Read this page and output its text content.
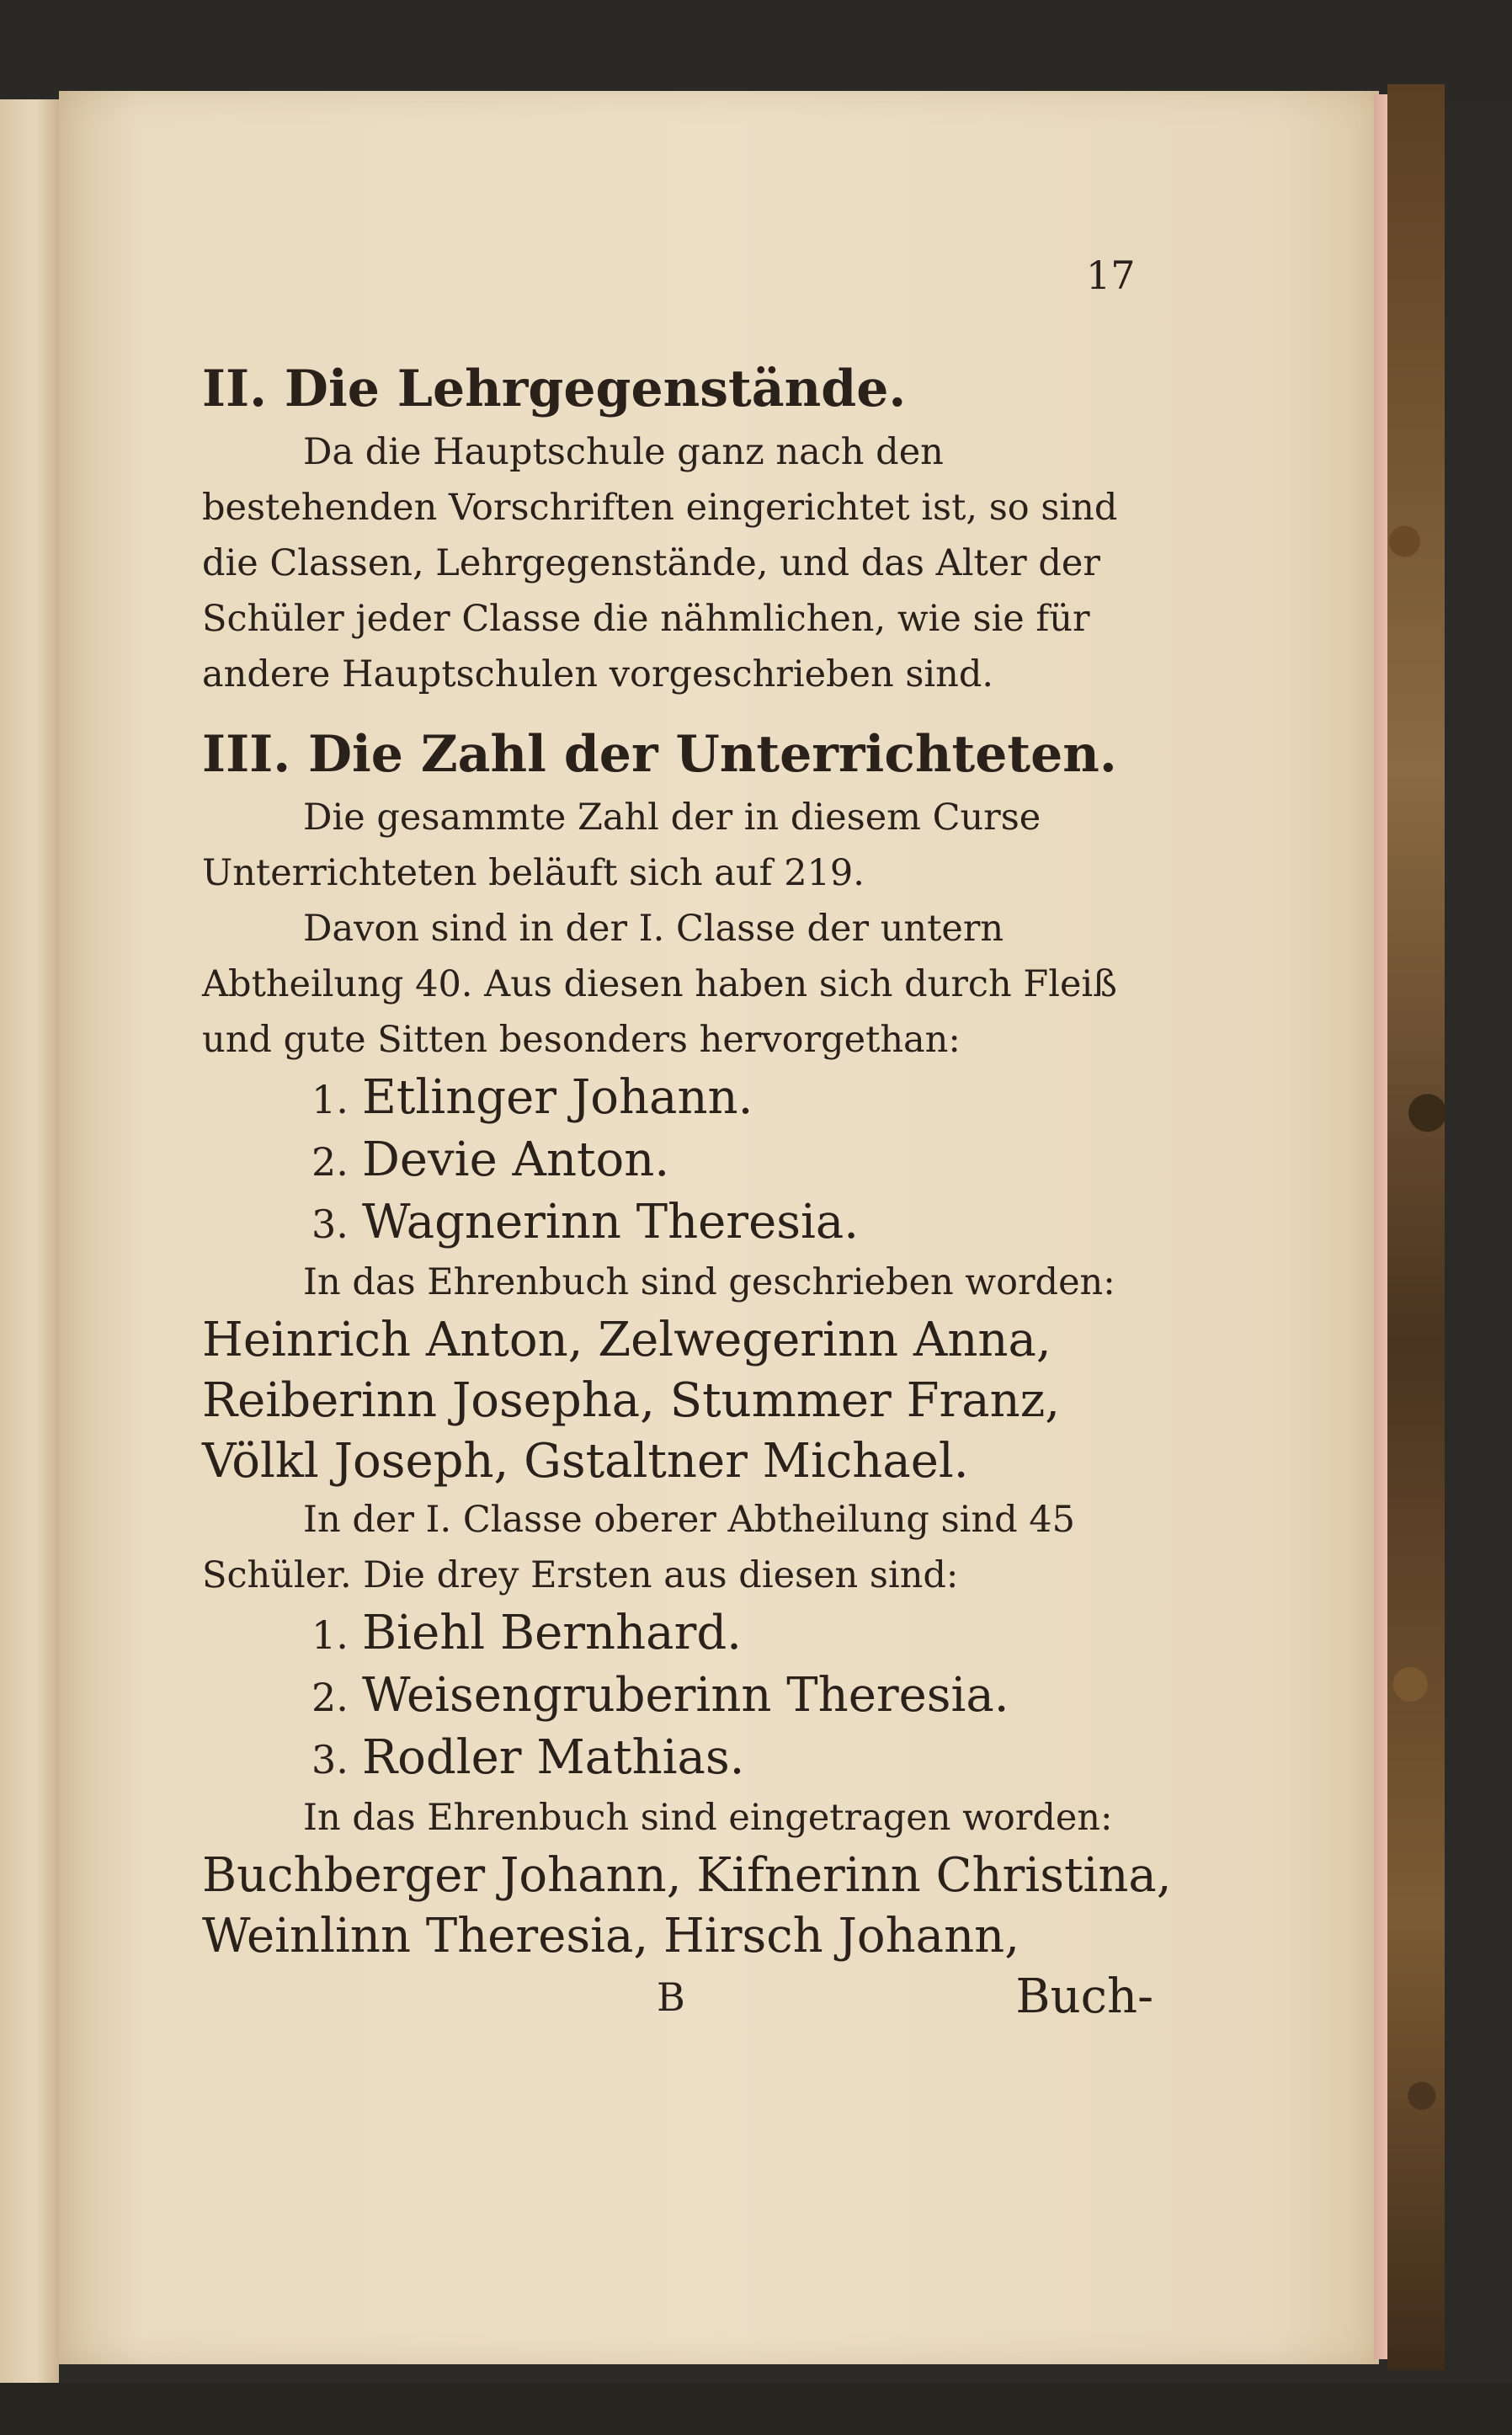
17
II. Die Lehrgegenstände.

Da die Hauptschule ganz nach den bestehenden Vorschriften eingerichtet ist, so sind die Classen, Lehrgegenstände, und das Alter der Schüler jeder Classe die nähmlichen, wie sie für andere Hauptschulen vorgeschrieben sind.

III. Die Zahl der Unterrichteten.

Die gesammte Zahl der in diesem Curse Unterrichteten beläuft sich auf 219.

Davon sind in der I. Classe der untern Abtheilung 40. Aus diesen haben sich durch Fleiß und gute Sitten besonders hervorgethan:

1. Etlinger Johann.
2. Devie Anton.
3. Wagnerinn Theresia.

In das Ehrenbuch sind geschrieben worden:

Heinrich Anton, Zelwegerinn Anna, Reiberinn Josepha, Stummer Franz, Völkl Joseph, Gstaltner Michael.

In der I. Classe oberer Abtheilung sind 45 Schüler. Die drey Ersten aus diesen sind:

1. Biehl Bernhard.
2. Weisengruberinn Theresia.
3. Rodler Mathias.

In das Ehrenbuch sind eingetragen worden:

Buchberger Johann, Kifnerinn Christina, Weinlinn Theresia, Hirsch Johann,

B	Buch-
